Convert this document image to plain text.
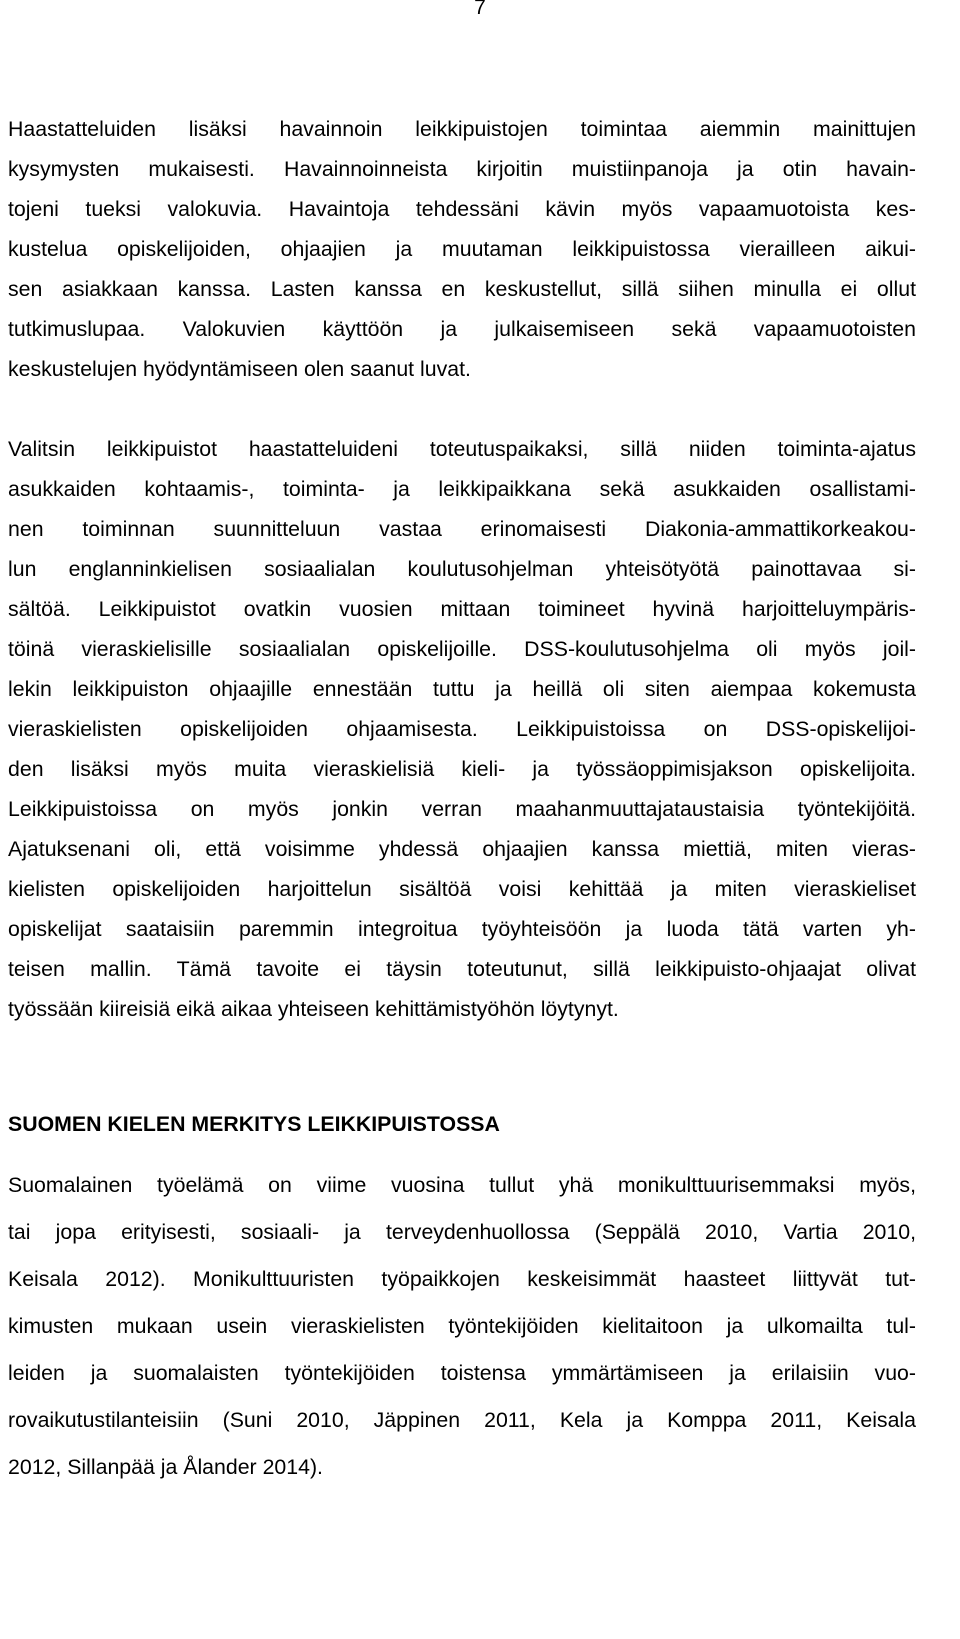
7
Haastatteluiden lisäksi havainnoin leikkipuistojen toimintaa aiemmin mainittujen
kysymysten mukaisesti. Havainnoinneista kirjoitin muistiinpanoja ja otin havain-
tojeni tueksi valokuvia. Havaintoja tehdessäni kävin myös vapaamuotoista kes-
kustelua opiskelijoiden, ohjaajien ja muutaman leikkipuistossa vierailleen aikui-
sen asiakkaan kanssa. Lasten kanssa en keskustellut, sillä siihen minulla ei ollut
tutkimuslupaa. Valokuvien käyttöön ja julkaisemiseen sekä vapaamuotoisten
keskustelujen hyödyntämiseen olen saanut luvat.
Valitsin leikkipuistot haastatteluideni toteutuspaikaksi, sillä niiden toiminta-ajatus
asukkaiden kohtaamis-, toiminta- ja leikkipaikkana sekä asukkaiden osallistami-
nen toiminnan suunnitteluun vastaa erinomaisesti Diakonia-ammattikorkeakou-
lun englanninkielisen sosiaalialan koulutusohjelman yhteisötyötä painottavaa si-
sältöä. Leikkipuistot ovatkin vuosien mittaan toimineet hyvinä harjoitteluympäris-
töinä vieraskielisille sosiaalialan opiskelijoille. DSS-koulutusohjelma oli myös joil-
lekin leikkipuiston ohjaajille ennestään tuttu ja heillä oli siten aiempaa kokemusta
vieraskielisten opiskelijoiden ohjaamisesta. Leikkipuistoissa on DSS-opiskelijoi-
den lisäksi myös muita vieraskielisiä kieli- ja työssäoppimisjakson opiskelijoita.
Leikkipuistoissa on myös jonkin verran maahanmuuttajataustaisia työntekijöitä.
Ajatuksenani oli, että voisimme yhdessä ohjaajien kanssa miettiä, miten vieras-
kielisten opiskelijoiden harjoittelun sisältöä voisi kehittää ja miten vieraskieliset
opiskelijat saataisiin paremmin integroitua työyhteisöön ja luoda tätä varten yh-
teisen mallin. Tämä tavoite ei täysin toteutunut, sillä leikkipuisto-ohjaajat olivat
työssään kiireisiä eikä aikaa yhteiseen kehittämistyöhön löytynyt.
SUOMEN KIELEN MERKITYS LEIKKIPUISTOSSA
Suomalainen työelämä on viime vuosina tullut yhä monikulttuurisemmaksi myös,
tai jopa erityisesti, sosiaali- ja terveydenhuollossa (Seppälä 2010, Vartia 2010,
Keisala 2012). Monikulttuuristen työpaikkojen keskeisimmät haasteet liittyvät tut-
kimusten mukaan usein vieraskielisten työntekijöiden kielitaitoon ja ulkomailta tul-
leiden ja suomalaisten työntekijöiden toistensa ymmärtämiseen ja erilaisiin vuo-
rovaikutustilanteisiin (Suni 2010, Jäppinen 2011, Kela ja Komppa 2011, Keisala
2012, Sillanpää ja Ålander 2014).
